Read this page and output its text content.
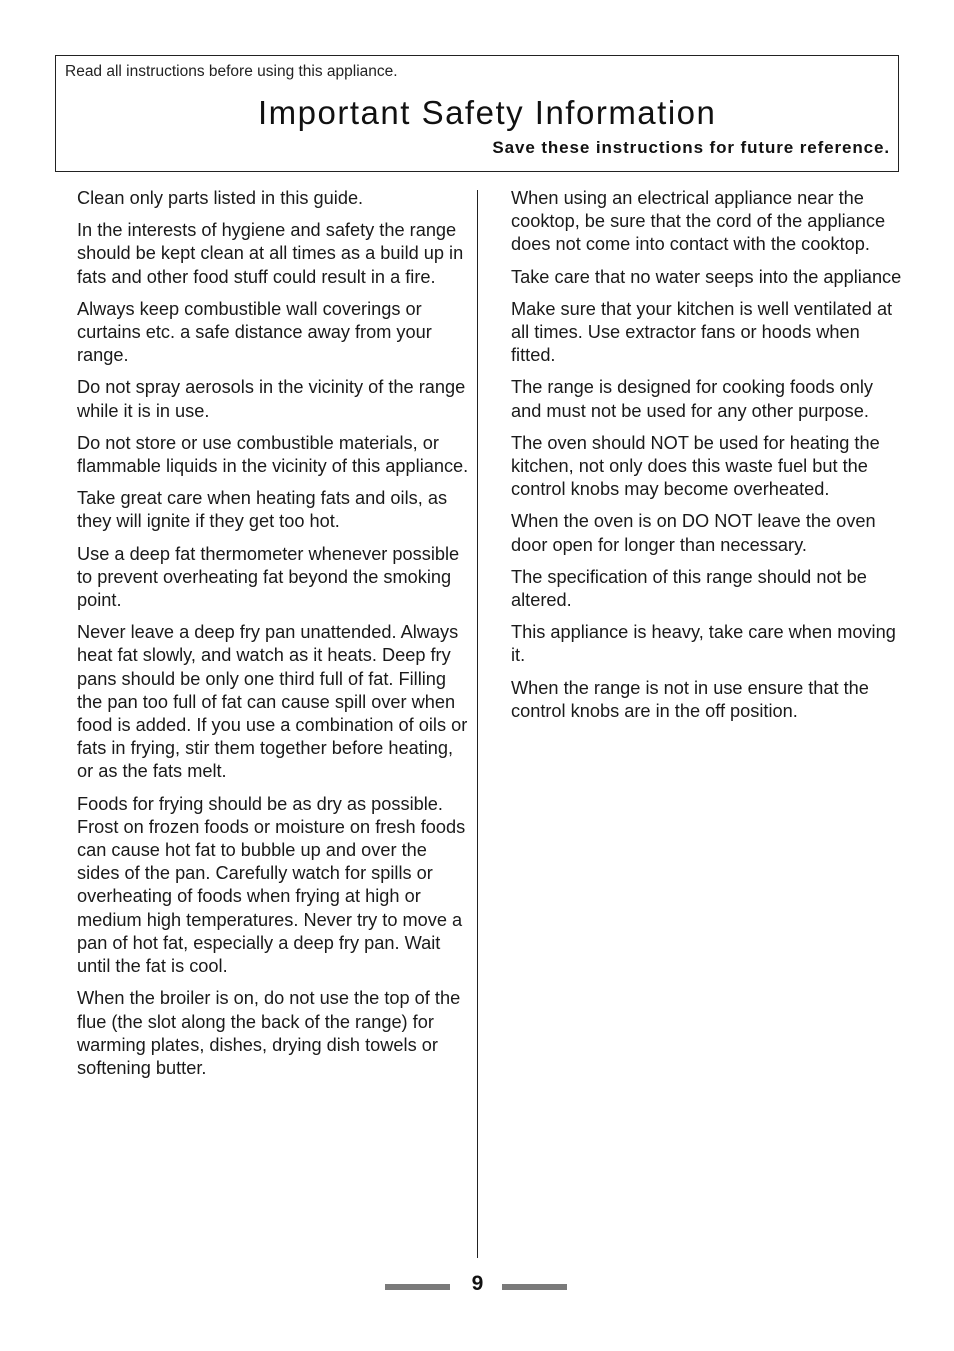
Read all instructions before using this appliance.
Important Safety Information
Save these instructions for future reference.

Clean only parts listed in this guide.

In the interests of hygiene and safety the range should be kept clean at all times as a build up in fats and other food stuff could result in a fire.

Always keep combustible wall coverings or curtains etc. a safe distance away from your range.

Do not spray aerosols in the vicinity of the range while it is in use.

Do not store or use combustible materials, or flammable liquids in the vicinity of this appliance.

Take great care when heating fats and oils, as they will ignite if they get too hot.

Use a deep fat thermometer whenever possible to prevent overheating fat beyond the smoking point.

Never leave a deep fry pan unattended. Always heat fat slowly, and watch as it heats. Deep fry pans should be only one third full of fat. Filling the pan too full of fat can cause spill over when food is added. If you use a combination of oils or fats in frying, stir them together before heating, or as the fats melt.

Foods for frying should be as dry as possible. Frost on frozen foods or moisture on fresh foods can cause hot fat to bubble up and over the sides of the pan. Carefully watch for spills or overheating of foods when frying at high or medium high temperatures. Never try to move a pan of hot fat, especially a deep fry pan. Wait until the fat is cool.

When the broiler is on, do not use the top of the flue (the slot along the back of the range) for warming plates, dishes, drying dish towels or softening butter.

When using an electrical appliance near the cooktop, be sure that the cord of the appliance does not come into contact with the cooktop.

Take care that no water seeps into the appliance

Make sure that your kitchen is well ventilated at all times. Use extractor fans or hoods when fitted.

The range is designed for cooking foods only and must not be used for any other purpose.

The oven should NOT be used for heating the kitchen, not only does this waste fuel but the control knobs may become overheated.

When the oven is on DO NOT leave the oven door open for longer than necessary.

The specification of this range should not be altered.

This appliance is heavy, take care when moving it.

When the range is not in use ensure that the control knobs are in the off position.

9
